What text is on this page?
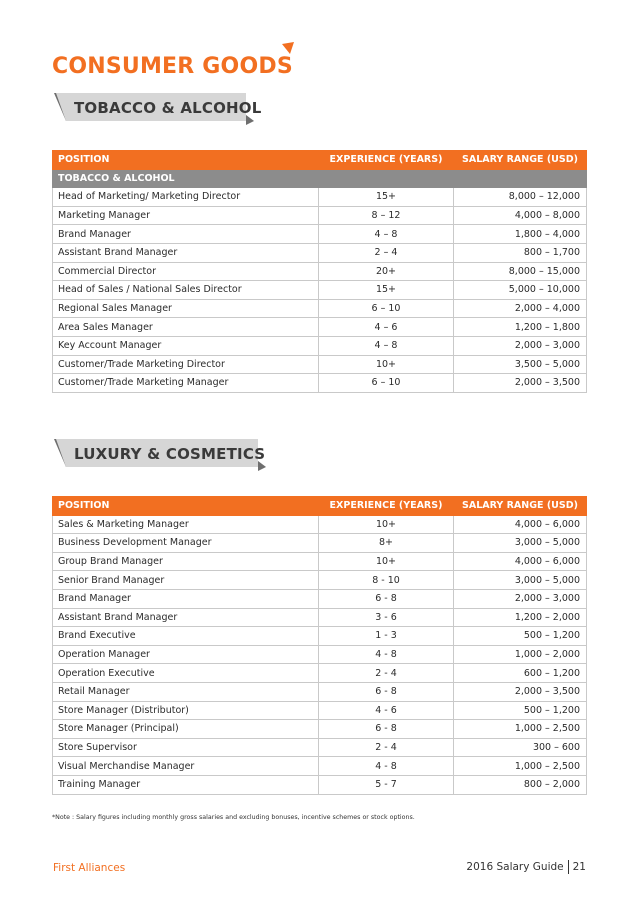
CONSUMER GOODS
TOBACCO & ALCOHOL
POSITION	EXPERIENCE (YEARS)	SALARY RANGE (USD)
TOBACCO & ALCOHOL		
Head of Marketing/ Marketing Director	15+	8,000 – 12,000
Marketing Manager	8 – 12	4,000 – 8,000
Brand Manager	4 – 8	1,800 – 4,000
Assistant Brand Manager	2 – 4	800 – 1,700
Commercial Director	20+	8,000 – 15,000
Head of Sales / National Sales Director	15+	5,000 – 10,000
Regional Sales Manager	6 – 10	2,000 – 4,000
Area Sales Manager	4 – 6	1,200 – 1,800
Key Account Manager	4 – 8	2,000 – 3,000
Customer/Trade Marketing Director	10+	3,500 – 5,000
Customer/Trade Marketing Manager	6 – 10	2,000 – 3,500
LUXURY & COSMETICS
POSITION	EXPERIENCE (YEARS)	SALARY RANGE (USD)
Sales & Marketing Manager	10+	4,000 – 6,000
Business Development Manager	8+	3,000 – 5,000
Group Brand Manager	10+	4,000 – 6,000
Senior Brand Manager	8 - 10	3,000 – 5,000
Brand Manager	6 - 8	2,000 – 3,000
Assistant Brand Manager	3 - 6	1,200 – 2,000
Brand Executive	1 - 3	500 – 1,200
Operation Manager	4 - 8	1,000 – 2,000
Operation Executive	2 - 4	600 – 1,200
Retail Manager	6 - 8	2,000 – 3,500
Store Manager (Distributor)	4 - 6	500 – 1,200
Store Manager (Principal)	6 - 8	1,000 – 2,500
Store Supervisor	2 - 4	300 – 600
Visual Merchandise Manager	4 - 8	1,000 – 2,500
Training Manager	5 - 7	800 – 2,000
*Note : Salary figures including monthly gross salaries and excluding bonuses, incentive schemes or stock options.
First Alliances	2016 Salary Guide 21
